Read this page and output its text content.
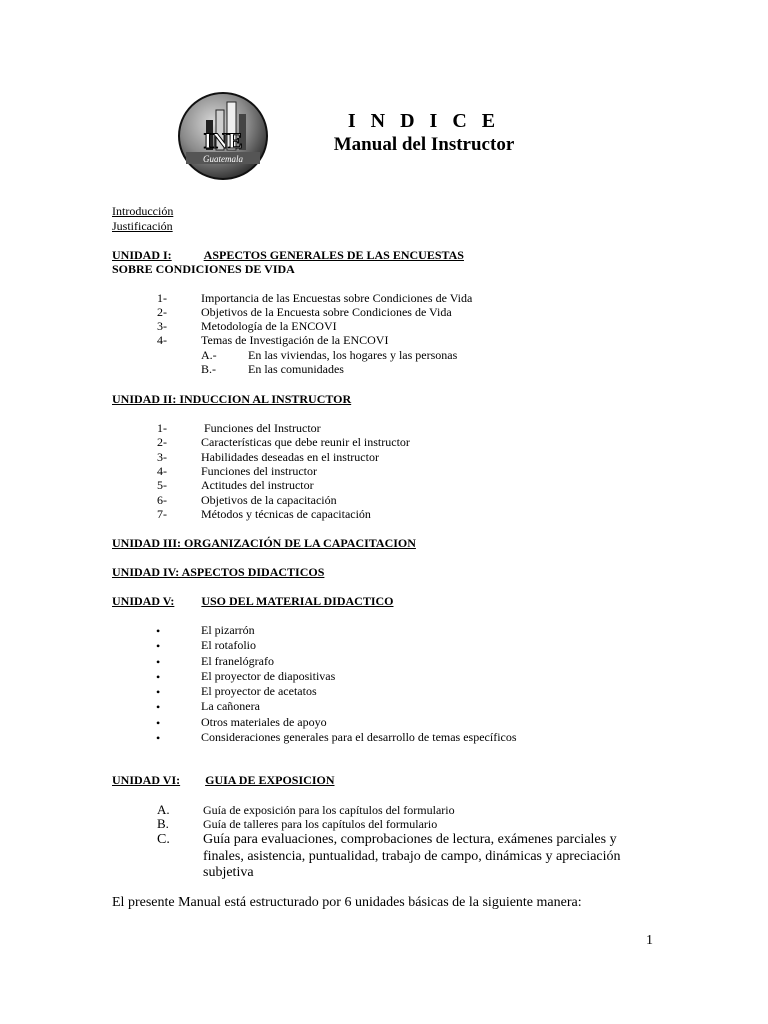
INE
Guatemala
I N D I C E
Manual del Instructor
Introducción
Justificación
UNIDAD I:	ASPECTOS GENERALES DE LAS ENCUESTAS
SOBRE CONDICIONES DE VIDA
1-	Importancia de las Encuestas sobre Condiciones de Vida
2-	Objetivos de la Encuesta sobre Condiciones de Vida
3-	Metodología de la ENCOVI
4-	Temas de Investigación de la ENCOVI
A.-	En las viviendas, los hogares y las personas
B.-	En las comunidades
UNIDAD II: INDUCCION AL INSTRUCTOR
1-	Funciones del Instructor
2-	Características que debe reunir el instructor
3-	Habilidades deseadas en el instructor
4-	Funciones del instructor
5-	Actitudes del instructor
6-	Objetivos de la capacitación
7-	Métodos y técnicas de capacitación
UNIDAD III: ORGANIZACIÓN DE LA CAPACITACION
UNIDAD IV: ASPECTOS DIDACTICOS
UNIDAD V: USO DEL MATERIAL DIDACTICO
•	El pizarrón
•	El rotafolio
•	El franelógrafo
•	El proyector de diapositivas
•	El proyector de acetatos
•	La cañonera
•	Otros materiales de apoyo
•	Consideraciones generales para el desarrollo de temas específicos
UNIDAD VI: GUIA DE EXPOSICION
A.	Guía de exposición para los capítulos del formulario
B.	Guía de talleres para los capítulos del formulario
C. Guía para evaluaciones, comprobaciones de lectura, exámenes parciales y
finales, asistencia, puntualidad, trabajo de campo, dinámicas y apreciación
subjetiva
El presente Manual está estructurado por 6 unidades básicas de la siguiente manera:
1
